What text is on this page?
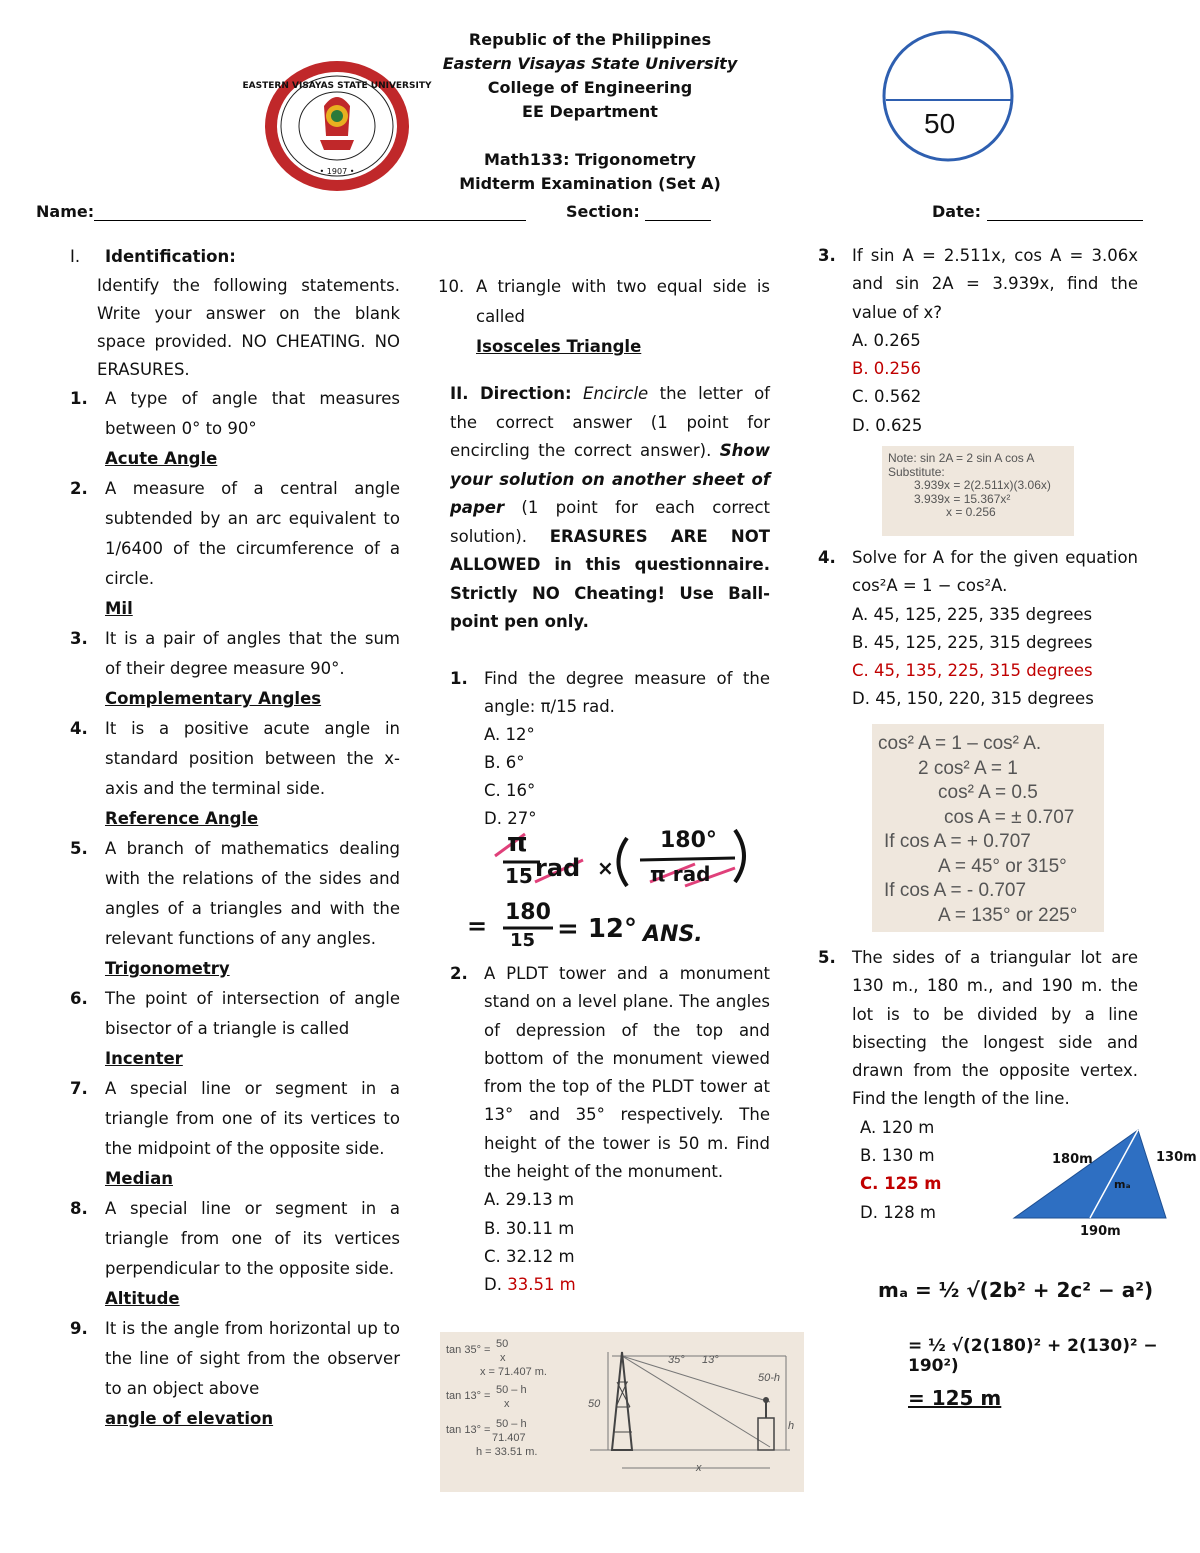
EASTERN VISAYAS STATE UNIVERSITY
• 1907 •
Republic of the Philippines
Eastern Visayas State University
College of Engineering
EE Department
Math133: Trigonometry
Midterm Examination (Set A)
50
Name:	Section:	Date:
I. Identification:
Identify the following statements. Write your answer on the blank space provided. NO CHEATING. NO ERASURES.
1. A type of angle that measures between 0° to 90°
Acute Angle
2. A measure of a central angle subtended by an arc equivalent to 1/6400 of the circumference of a circle.
Mil
3. It is a pair of angles that the sum of their degree measure 90°.
Complementary Angles
4. It is a positive acute angle in standard position between the x-axis and the terminal side.
Reference Angle
5. A branch of mathematics dealing with the relations of the sides and angles of a triangles and with the relevant functions of any angles.
Trigonometry
6. The point of intersection of angle bisector of a triangle is called
Incenter
7. A special line or segment in a triangle from one of its vertices to the midpoint of the opposite side.
Median
8. A special line or segment in a triangle from one of its vertices perpendicular to the opposite side.
Altitude
9. It is the angle from horizontal up to the line of sight from the observer to an object above
angle of elevation
10. A triangle with two equal side is called
Isosceles Triangle
II. Direction: Encircle the letter of the correct answer (1 point for encircling the correct answer). Show your solution on another sheet of paper (1 point for each correct solution). ERASURES ARE NOT ALLOWED in this questionnaire. Strictly NO Cheating! Use Ball-point pen only.
1. Find the degree measure of the angle: π/15 rad.
A. 12°
B. 6°
C. 16°
D. 27°
π
15 rad ×
180°
π rad
= 180
15 = 12° ANS.
2. A PLDT tower and a monument stand on a level plane. The angles of depression of the top and bottom of the monument viewed from the top of the PLDT tower at 13° and 35° respectively. The height of the tower is 50 m. Find the height of the monument.
A. 29.13 m
B. 30.11 m
C. 32.12 m
D. 33.51 m
tan 35° = 50
x
x = 71.407 m.
tan 13° = 50 – h
x
tan 13° = 50 – h
71.407
h = 33.51 m.
35° 13°
50
50-h
h
x
3. If sin A = 2.511x, cos A = 3.06x and sin 2A = 3.939x, find the value of x?
A. 0.265
B. 0.256
C. 0.562
D. 0.625
Note: sin 2A = 2 sin A cos A
Substitute:
3.939x = 2(2.511x)(3.06x)
3.939x = 15.367x²
x = 0.256
4. Solve for A for the given equation cos²A = 1 − cos²A.
A. 45, 125, 225, 335 degrees
B. 45, 125, 225, 315 degrees
C. 45, 135, 225, 315 degrees
D. 45, 150, 220, 315 degrees
cos² A = 1 – cos² A.
2 cos² A = 1
cos² A = 0.5
cos A = ± 0.707
If cos A = + 0.707
A = 45° or 315°
If cos A = - 0.707
A = 135° or 225°
5. The sides of a triangular lot are 130 m., 180 m., and 190 m. the lot is to be divided by a line bisecting the longest side and drawn from the opposite vertex. Find the length of the line.
A. 120 m
B. 130 m
C. 125 m
D. 128 m
180m	130m
mₐ
190m
mₐ = ½ √(2b² + 2c² − a²)
= ½ √(2(180)² + 2(130)² − 190²)
= 125 m
